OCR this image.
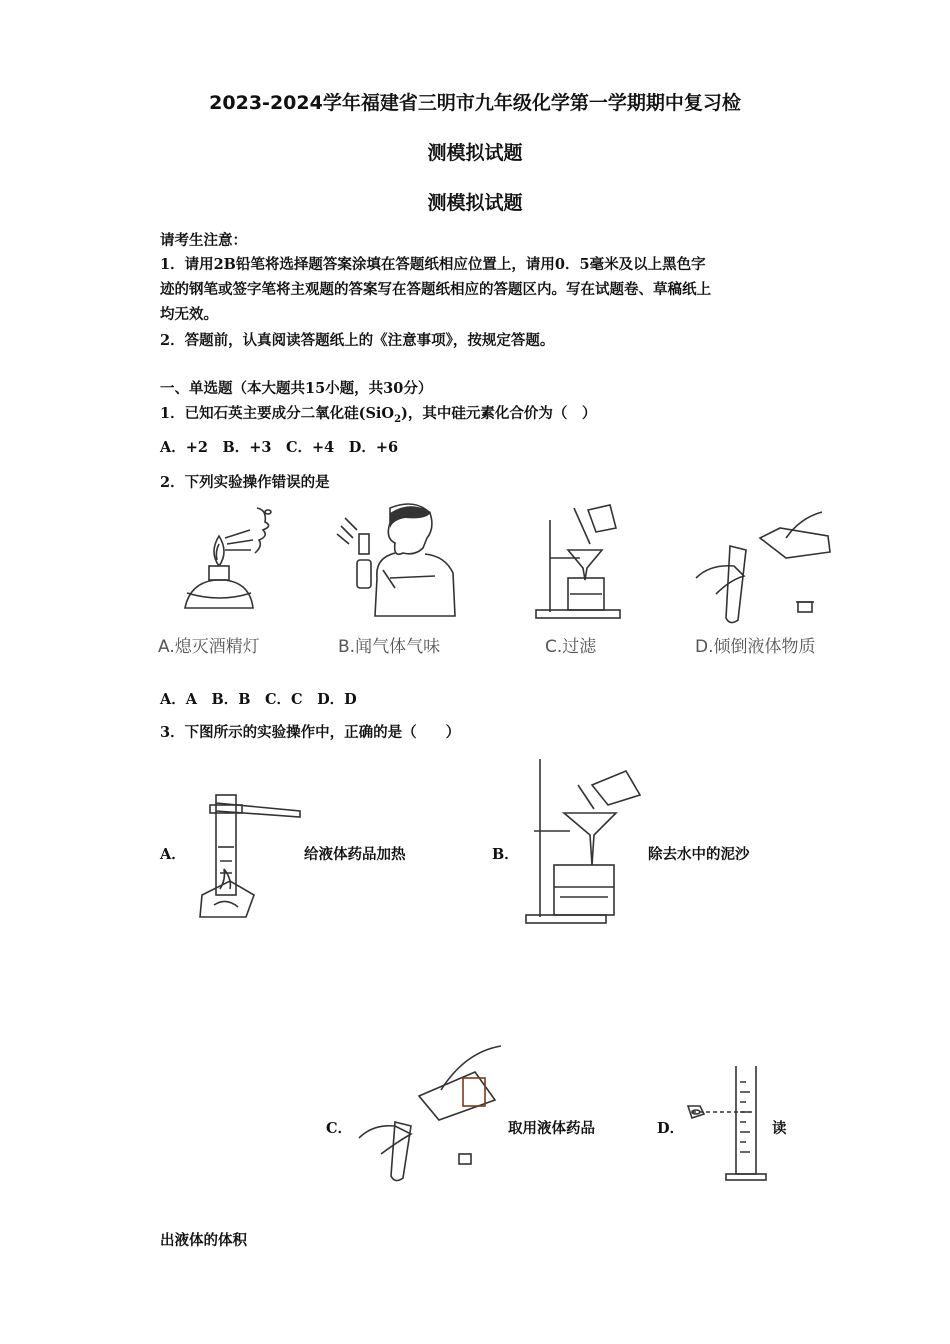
2023-2024学年福建省三明市九年级化学第一学期期中复习检
测模拟试题
测模拟试题
请考生注意：
1．请用2B铅笔将选择题答案涂填在答题纸相应位置上，请用0．5毫米及以上黑色字
迹的钢笔或签字笔将主观题的答案写在答题纸相应的答题区内。写在试题卷、草稿纸上
均无效。
2．答题前，认真阅读答题纸上的《注意事项》，按规定答题。
一、单选题（本大题共15小题，共30分）
1．已知石英主要成分二氧化硅(SiO$_2$)，其中硅元素化合价为（　）
A．+2　B．+3　C．+4　D．+6
2．下列实验操作错误的是
A.熄灭酒精灯	B.闻气体气味	C.过滤	D.倾倒液体物质
A．A　B．B　C．C　D．D
3．下图所示的实验操作中，正确的是（　　）
A．	给液体药品加热	B．	除去水中的泥沙
C．	取用液体药品	D．	读
出液体的体积
